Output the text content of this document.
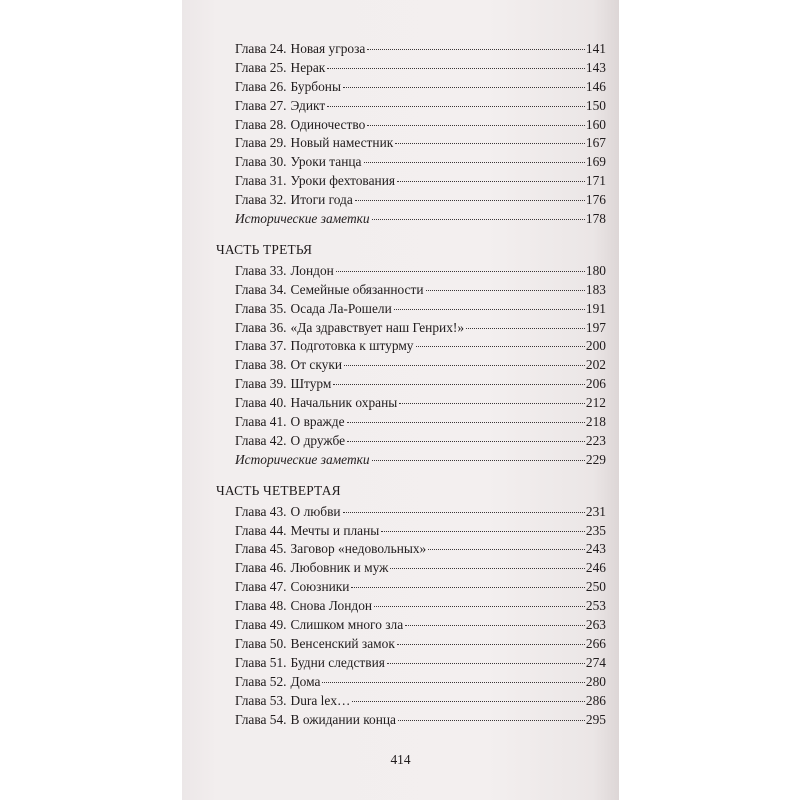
Глава 24. Новая угроза	141
Глава 25. Нерак	143
Глава 26. Бурбоны	146
Глава 27. Эдикт	150
Глава 28. Одиночество	160
Глава 29. Новый наместник	167
Глава 30. Уроки танца	169
Глава 31. Уроки фехтования	171
Глава 32. Итоги года	176
Исторические заметки	178
ЧАСТЬ ТРЕТЬЯ
Глава 33. Лондон	180
Глава 34. Семейные обязанности	183
Глава 35. Осада Ла-Рошели	191
Глава 36. «Да здравствует наш Генрих!»	197
Глава 37. Подготовка к штурму	200
Глава 38. От скуки	202
Глава 39. Штурм	206
Глава 40. Начальник охраны	212
Глава 41. О вражде	218
Глава 42. О дружбе	223
Исторические заметки	229
ЧАСТЬ ЧЕТВЕРТАЯ
Глава 43. О любви	231
Глава 44. Мечты и планы	235
Глава 45. Заговор «недовольных»	243
Глава 46. Любовник и муж	246
Глава 47. Союзники	250
Глава 48. Снова Лондон	253
Глава 49. Слишком много зла	263
Глава 50. Венсенский замок	266
Глава 51. Будни следствия	274
Глава 52. Дома	280
Глава 53. Dura lex…	286
Глава 54. В ожидании конца	295
414
